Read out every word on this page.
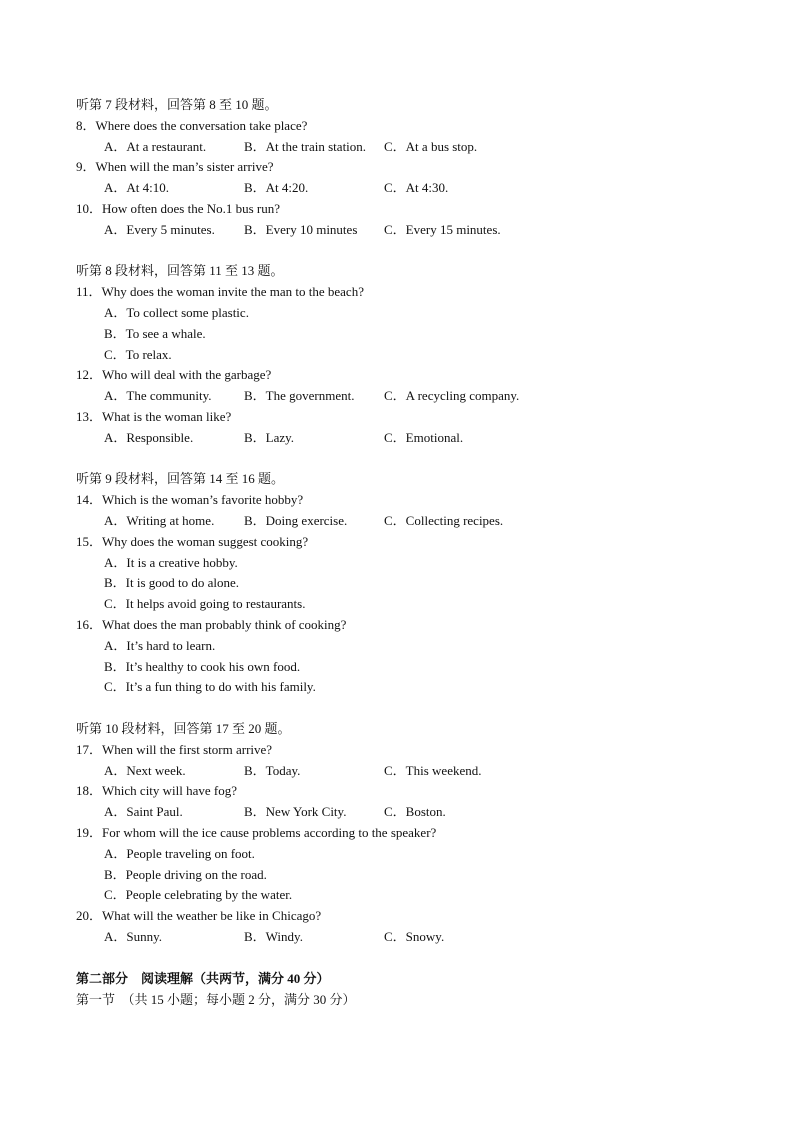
听第 7 段材料，回答第 8 至 10 题。
8．Where does the conversation take place?
A．At a restaurant.	B．At the train station. C．At a bus stop.
9．When will the man’s sister arrive?
A．At 4:10.	B．At 4:20.	C．At 4:30.
10．How often does the No.1 bus run?
A．Every 5 minutes. B．Every 10 minutes C．Every 15 minutes.
听第 8 段材料，回答第 11 至 13 题。
11．Why does the woman invite the man to the beach?
A．To collect some plastic.
B．To see a whale.
C．To relax.
12．Who will deal with the garbage?
A．The community.	B．The government. C．A recycling company.
13．What is the woman like?
A．Responsible.	B．Lazy.	C．Emotional.
听第 9 段材料，回答第 14 至 16 题。
14．Which is the woman’s favorite hobby?
A．Writing at home. B．Doing exercise.	C．Collecting recipes.
15．Why does the woman suggest cooking?
A．It is a creative hobby.
B．It is good to do alone.
C．It helps avoid going to restaurants.
16．What does the man probably think of cooking?
A．It’s hard to learn.
B．It’s healthy to cook his own food.
C．It’s a fun thing to do with his family.
听第 10 段材料，回答第 17 至 20 题。
17．When will the first storm arrive?
A．Next week.	B．Today.	C．This weekend.
18．Which city will have fog?
A．Saint Paul.	B．New York City.	C．Boston.
19．For whom will the ice cause problems according to the speaker?
A．People traveling on foot.
B．People driving on the road.
C．People celebrating by the water.
20．What will the weather be like in Chicago?
A．Sunny.	B．Windy.	C．Snowy.
第二部分　阅读理解（共两节，满分 40 分）
第一节　（共 15 小题；每小题 2 分，满分 30 分）
